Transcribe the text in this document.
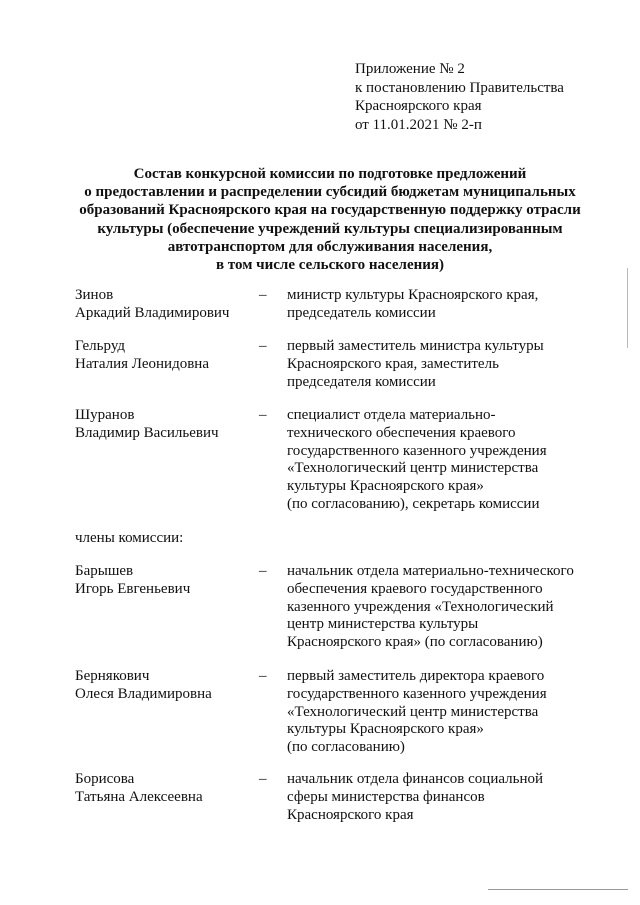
Приложение № 2
к постановлению Правительства
Красноярского края
от 11.01.2021 № 2-п
Состав конкурсной комиссии по подготовке предложений
о предоставлении и распределении субсидий бюджетам муниципальных
образований Красноярского края на государственную поддержку отрасли
культуры (обеспечение учреждений культуры специализированным
автотранспортом для обслуживания населения,
в том числе сельского населения)
Зинов
Аркадий Владимирович
– министр культуры Красноярского края,
председатель комиссии
Гельруд
Наталия Леонидовна
– первый заместитель министра культуры
Красноярского края, заместитель
председателя комиссии
Шуранов
Владимир Васильевич
– специалист отдела материально-
технического обеспечения краевого
государственного казенного учреждения
«Технологический центр министерства
культуры Красноярского края»
(по согласованию), секретарь комиссии
члены комиссии:
Барышев
Игорь Евгеньевич
– начальник отдела материально-технического
обеспечения краевого государственного
казенного учреждения «Технологический
центр министерства культуры
Красноярского края» (по согласованию)
Бернякович
Олеся Владимировна
– первый заместитель директора краевого
государственного казенного учреждения
«Технологический центр министерства
культуры Красноярского края»
(по согласованию)
Борисова
Татьяна Алексеевна
– начальник отдела финансов социальной
сферы министерства финансов
Красноярского края
